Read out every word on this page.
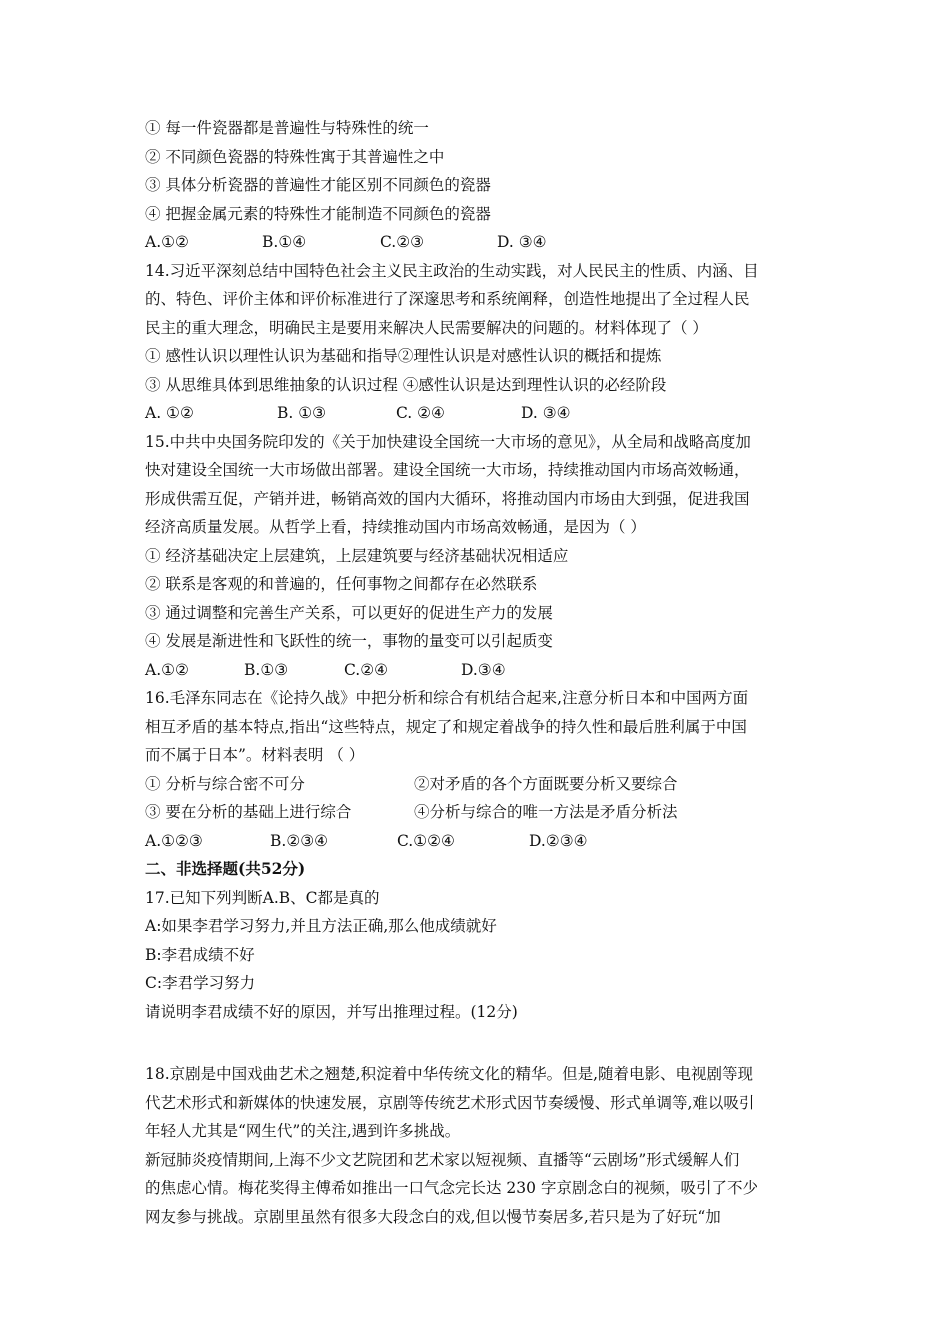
① 每一件瓷器都是普遍性与特殊性的统一
② 不同颜色瓷器的特殊性寓于其普遍性之中
③ 具体分析瓷器的普遍性才能区别不同颜色的瓷器
④ 把握金属元素的特殊性才能制造不同颜色的瓷器
A.①②	B.①④	C.②③	D. ③④
14.习近平深刻总结中国特色社会主义民主政治的生动实践，对人民民主的性质、内涵、目
的、特色、评价主体和评价标准进行了深邃思考和系统阐释，创造性地提出了全过程人民
民主的重大理念，明确民主是要用来解决人民需要解决的问题的。材料体现了（ ）
① 感性认识以理性认识为基础和指导②理性认识是对感性认识的概括和提炼
③ 从思维具体到思维抽象的认识过程 ④感性认识是达到理性认识的必经阶段
A. ①②	B. ①③	C. ②④	D. ③④
15.中共中央国务院印发的《关于加快建设全国统一大市场的意见》，从全局和战略高度加
快对建设全国统一大市场做出部署。建设全国统一大市场，持续推动国内市场高效畅通，
形成供需互促，产销并进，畅销高效的国内大循环，将推动国内市场由大到强，促进我国
经济高质量发展。从哲学上看，持续推动国内市场高效畅通，是因为（ ）
① 经济基础决定上层建筑，上层建筑要与经济基础状况相适应
② 联系是客观的和普遍的，任何事物之间都存在必然联系
③ 通过调整和完善生产关系，可以更好的促进生产力的发展
④ 发展是渐进性和飞跃性的统一，事物的量变可以引起质变
A.①②	B.①③	C.②④	D.③④
16.毛泽东同志在《论持久战》中把分析和综合有机结合起来,注意分析日本和中国两方面
相互矛盾的基本特点,指出“这些特点，规定了和规定着战争的持久性和最后胜利属于中国
而不属于日本”。材料表明 （ ）
① 分析与综合密不可分	②对矛盾的各个方面既要分析又要综合
③ 要在分析的基础上进行综合	④分析与综合的唯一方法是矛盾分析法
A.①②③	B.②③④	C.①②④	D.②③④
二、非选择题(共52分)
17.已知下列判断A.B、C都是真的
A:如果李君学习努力,并且方法正确,那么他成绩就好
B:李君成绩不好
C:李君学习努力
请说明李君成绩不好的原因，并写出推理过程。(12分)
18.京剧是中国戏曲艺术之翘楚,积淀着中华传统文化的精华。但是,随着电影、电视剧等现
代艺术形式和新媒体的快速发展，京剧等传统艺术形式因节奏缓慢、形式单调等,难以吸引
年轻人尤其是“网生代”的关注,遇到许多挑战。
新冠肺炎疫情期间,上海不少文艺院团和艺术家以短视频、直播等“云剧场”形式缓解人们
的焦虑心情。梅花奖得主傅希如推出一口气念完长达 230 字京剧念白的视频，吸引了不少
网友参与挑战。京剧里虽然有很多大段念白的戏,但以慢节奏居多,若只是为了好玩“加
